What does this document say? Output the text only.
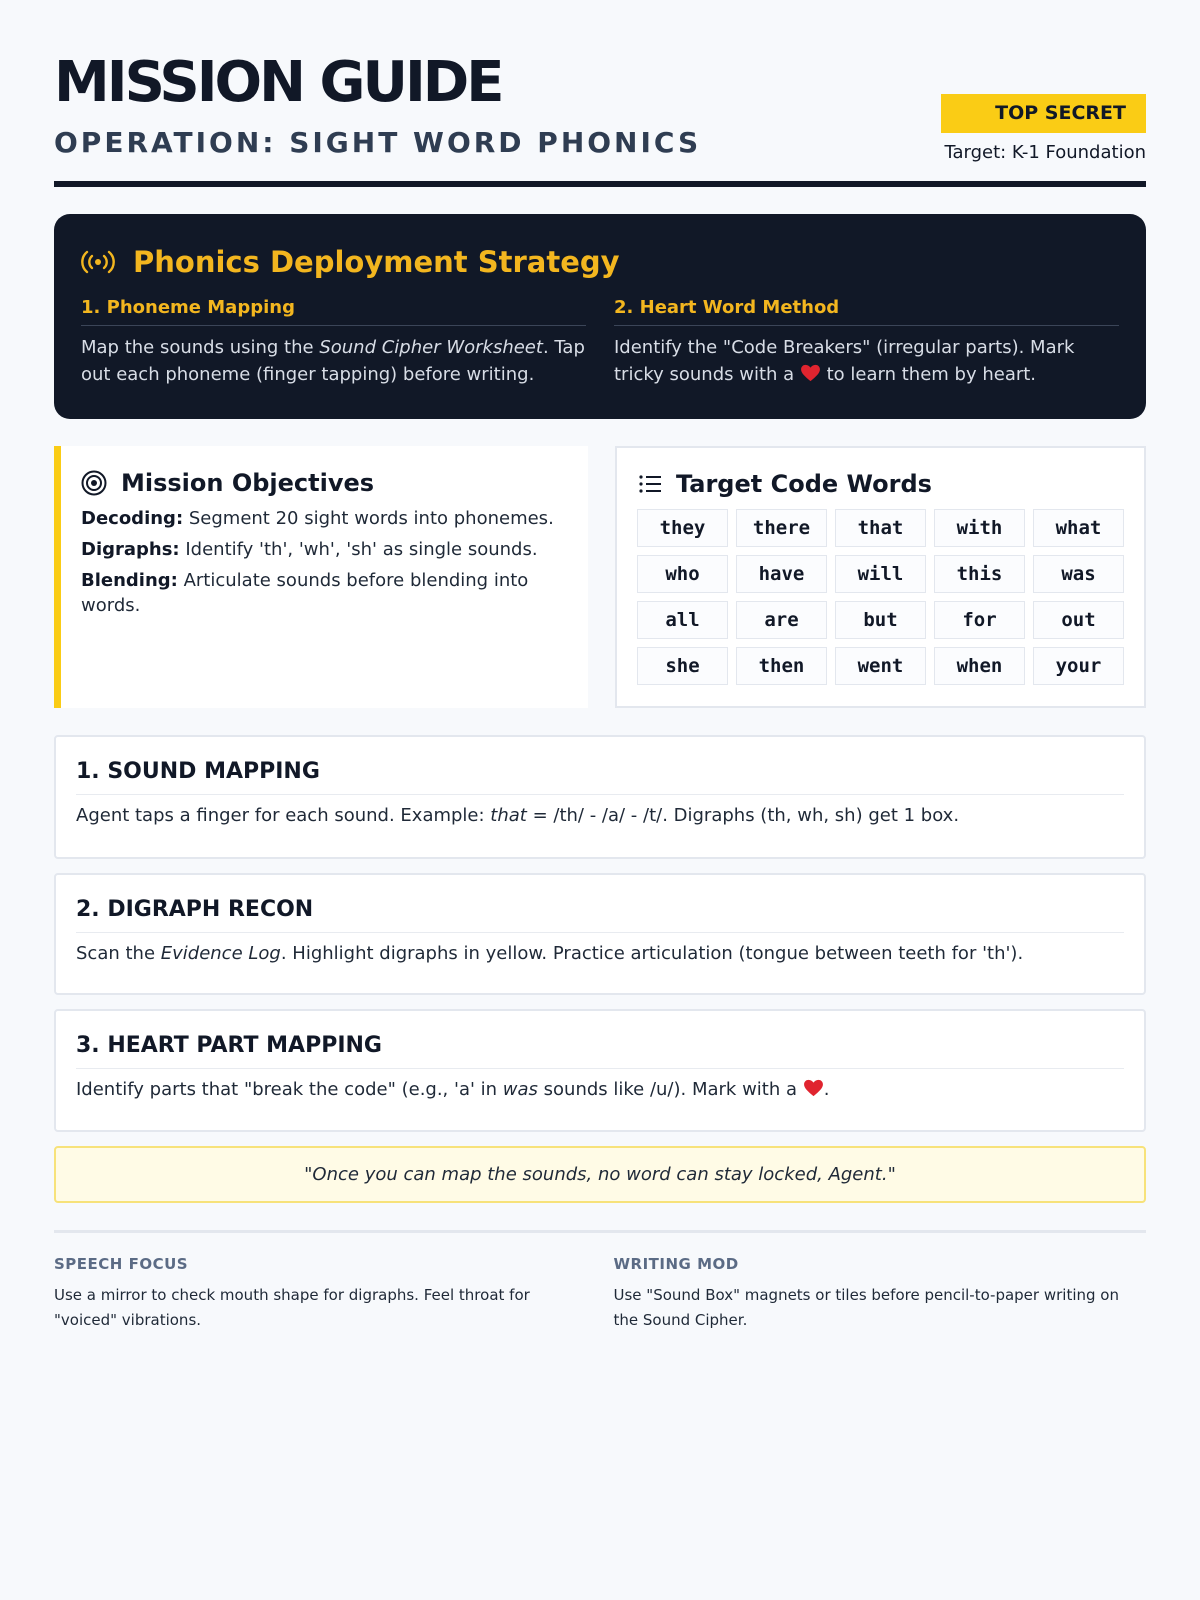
MISSION GUIDE
OPERATION: SIGHT WORD PHONICS
TOP SECRET
Target: K-1 Foundation
Phonics Deployment Strategy
1. Phoneme Mapping

Map the sounds using the Sound Cipher Worksheet. Tap out each phoneme (finger tapping) before writing.

2. Heart Word Method

Identify the "Code Breakers" (irregular parts). Mark tricky sounds with a  to learn them by heart.

Mission Objectives

Decoding: Segment 20 sight words into phonemes.

Digraphs: Identify 'th', 'wh', 'sh' as single sounds.

Blending: Articulate sounds before blending into words.

Target Code Words
they	there	that	with	what
who	have	will	this	was
all	are	but	for	out
she	then	went	when	your
1. SOUND MAPPING

Agent taps a finger for each sound. Example: that = /th/ - /a/ - /t/. Digraphs (th, wh, sh) get 1 box.

2. DIGRAPH RECON

Scan the Evidence Log. Highlight digraphs in yellow. Practice articulation (tongue between teeth for 'th').

3. HEART PART MAPPING

Identify parts that "break the code" (e.g., 'a' in was sounds like /u/). Mark with a .

"Once you can map the sounds, no word can stay locked, Agent."
SPEECH FOCUS

Use a mirror to check mouth shape for digraphs. Feel throat for "voiced" vibrations.

WRITING MOD

Use "Sound Box" magnets or tiles before pencil-to-paper writing on the Sound Cipher.
